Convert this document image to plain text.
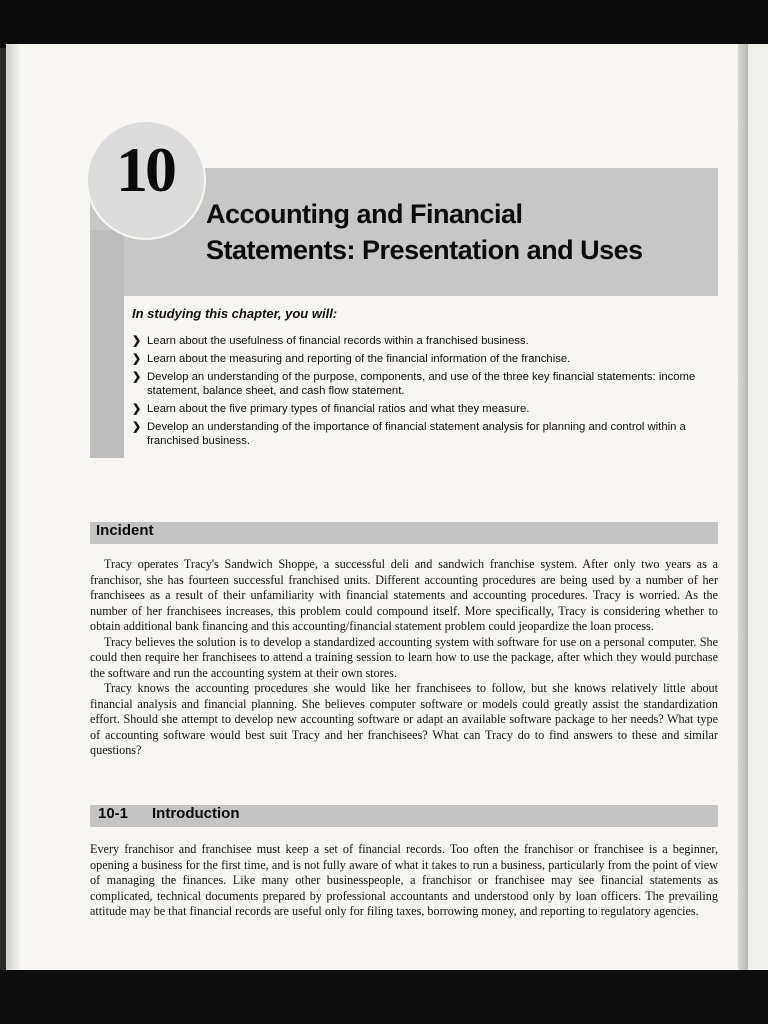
10
Accounting and Financial
Statements: Presentation and Uses
In studying this chapter, you will:
❯ Learn about the usefulness of financial records within a franchised business.
❯ Learn about the measuring and reporting of the financial information of the franchise.
❯ Develop an understanding of the purpose, components, and use of the three key financial statements: income statement, balance sheet, and cash flow statement.
❯ Learn about the five primary types of financial ratios and what they measure.
❯ Develop an understanding of the importance of financial statement analysis for planning and control within a franchised business.
Incident

Tracy operates Tracy's Sandwich Shoppe, a successful deli and sandwich franchise system. After only two years as a franchisor, she has fourteen successful franchised units. Different accounting procedures are being used by a number of her franchisees as a result of their unfamiliarity with financial statements and accounting procedures. Tracy is worried. As the number of her franchisees increases, this problem could compound itself. More specifically, Tracy is considering whether to obtain additional bank financing and this accounting/financial statement problem could jeopardize the loan process.

Tracy believes the solution is to develop a standardized accounting system with software for use on a personal computer. She could then require her franchisees to attend a training session to learn how to use the package, after which they would purchase the software and run the accounting system at their own stores.

Tracy knows the accounting procedures she would like her franchisees to follow, but she knows relatively little about financial analysis and financial planning. She believes computer software or models could greatly assist the standardization effort. Should she attempt to develop new accounting software or adapt an available software package to her needs? What type of accounting software would best suit Tracy and her franchisees? What can Tracy do to find answers to these and similar questions?

10-1 Introduction

Every franchisor and franchisee must keep a set of financial records. Too often the franchisor or franchisee is a beginner, opening a business for the first time, and is not fully aware of what it takes to run a business, particularly from the point of view of managing the finances. Like many other businesspeople, a franchisor or franchisee may see financial statements as complicated, technical documents prepared by professional accountants and understood only by loan officers. The prevailing attitude may be that financial records are useful only for filing taxes, borrowing money, and reporting to regulatory agencies.
